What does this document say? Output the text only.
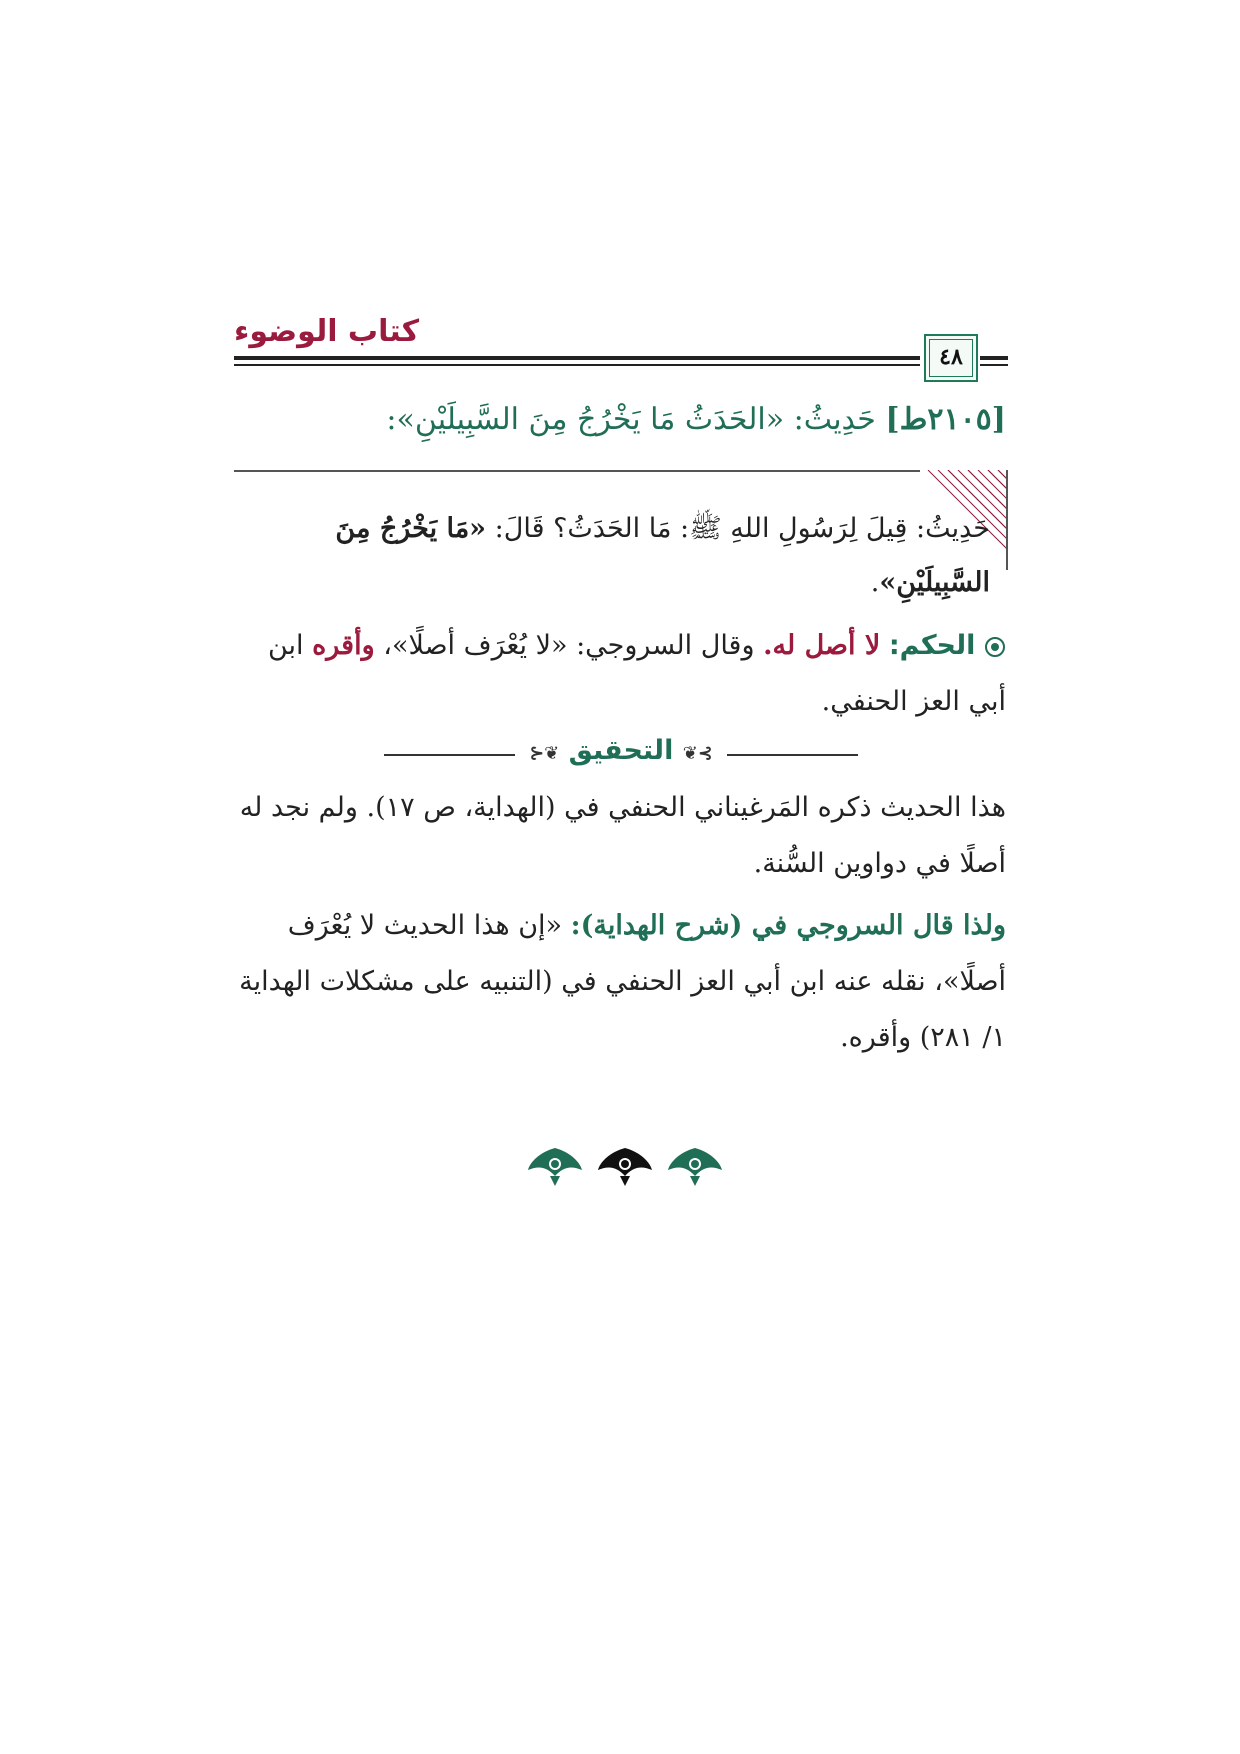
كتاب الوضوء
٤٨
[٢١٠٥ط] حَدِيثُ: «الحَدَثُ مَا يَخْرُجُ مِنَ السَّبِيلَيْنِ»:
حَدِيثُ: قِيلَ لِرَسُولِ اللهِ ﷺ: مَا الحَدَثُ؟ قَالَ: «مَا يَخْرُجُ مِنَ السَّبِيلَيْنِ».
الحكم: لا أصل له. وقال السروجي: «لا يُعْرَف أصلًا»، وأقره ابن أبي العز الحنفي.
⊱❦ التحقيق ❦⊰
هذا الحديث ذكره المَرغيناني الحنفي في (الهداية، ص ١٧). ولم نجد له أصلًا في دواوين السُّنة.
ولذا قال السروجي في (شرح الهداية): «إن هذا الحديث لا يُعْرَف أصلًا»، نقله عنه ابن أبي العز الحنفي في (التنبيه على مشكلات الهداية ١/ ٢٨١) وأقره.
